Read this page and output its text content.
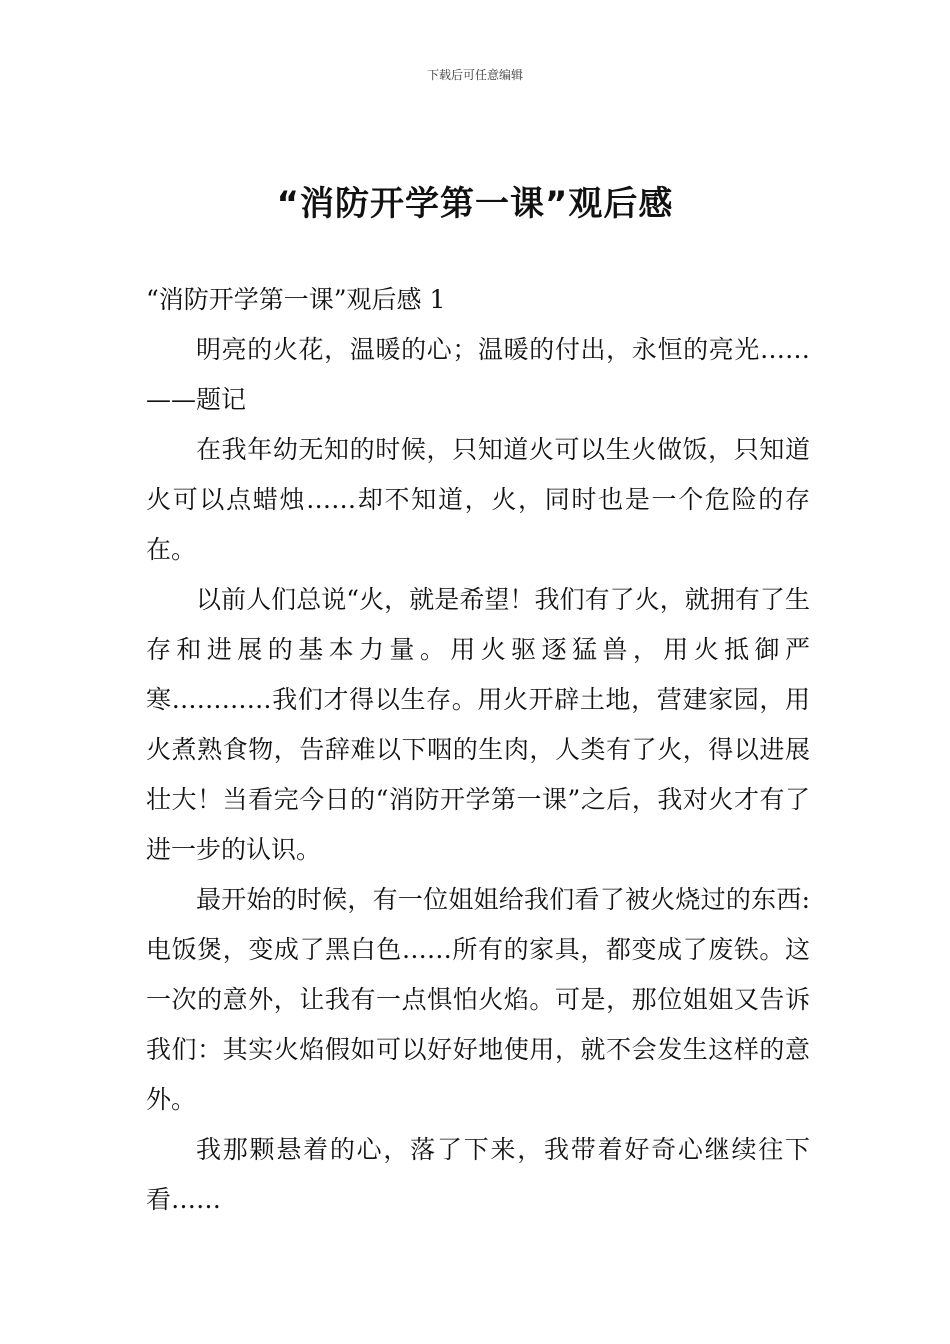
下载后可任意编辑
“消防开学第一课”观后感

“消防开学第一课”观后感 1

明亮的火花，温暖的心；温暖的付出，永恒的亮光……——题记

在我年幼无知的时候，只知道火可以生火做饭，只知道火可以点蜡烛……却不知道，火，同时也是一个危险的存在。

以前人们总说“火，就是希望！我们有了火，就拥有了生存和进展的基本力量。用火驱逐猛兽，用火抵御严寒…………我们才得以生存。用火开辟土地，营建家园，用火煮熟食物，告辞难以下咽的生肉，人类有了火，得以进展壮大！当看完今日的“消防开学第一课”之后，我对火才有了进一步的认识。

最开始的时候，有一位姐姐给我们看了被火烧过的东西:电饭煲，变成了黑白色……所有的家具，都变成了废铁。这一次的意外，让我有一点惧怕火焰。可是，那位姐姐又告诉我们：其实火焰假如可以好好地使用，就不会发生这样的意外。

我那颗悬着的心，落了下来，我带着好奇心继续往下看……
